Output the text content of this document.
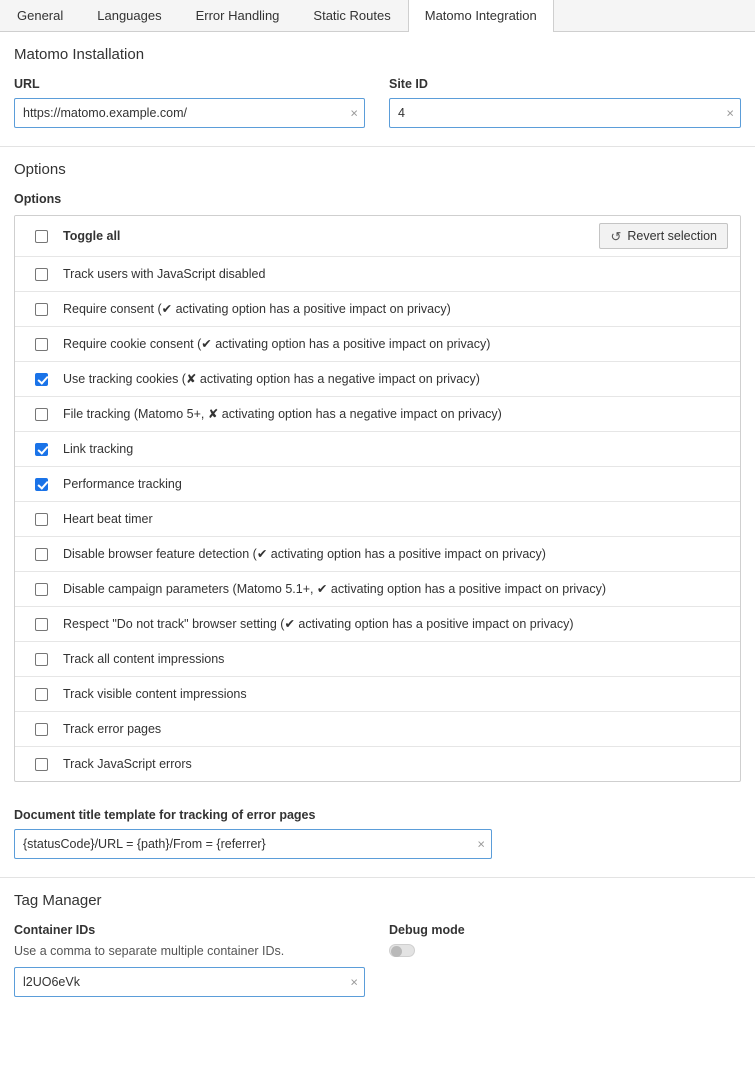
General	Languages	Error Handling	Static Routes	Matomo Integration
Matomo Installation
URL
https://matomo.example.com/
×
Site ID
4
×
Options
Options
Toggle all	↺ Revert selection
Track users with JavaScript disabled
Require consent (✔ activating option has a positive impact on privacy)
Require cookie consent (✔ activating option has a positive impact on privacy)
Use tracking cookies (✘ activating option has a negative impact on privacy)
File tracking (Matomo 5+, ✘ activating option has a negative impact on privacy)
Link tracking
Performance tracking
Heart beat timer
Disable browser feature detection (✔ activating option has a positive impact on privacy)
Disable campaign parameters (Matomo 5.1+, ✔ activating option has a positive impact on privacy)
Respect "Do not track" browser setting (✔ activating option has a positive impact on privacy)
Track all content impressions
Track visible content impressions
Track error pages
Track JavaScript errors
Document title template for tracking of error pages
{statusCode}/URL = {path}/From = {referrer}
×
Tag Manager
Container IDs
Use a comma to separate multiple container IDs.
l2UO6eVk
×
Debug mode
